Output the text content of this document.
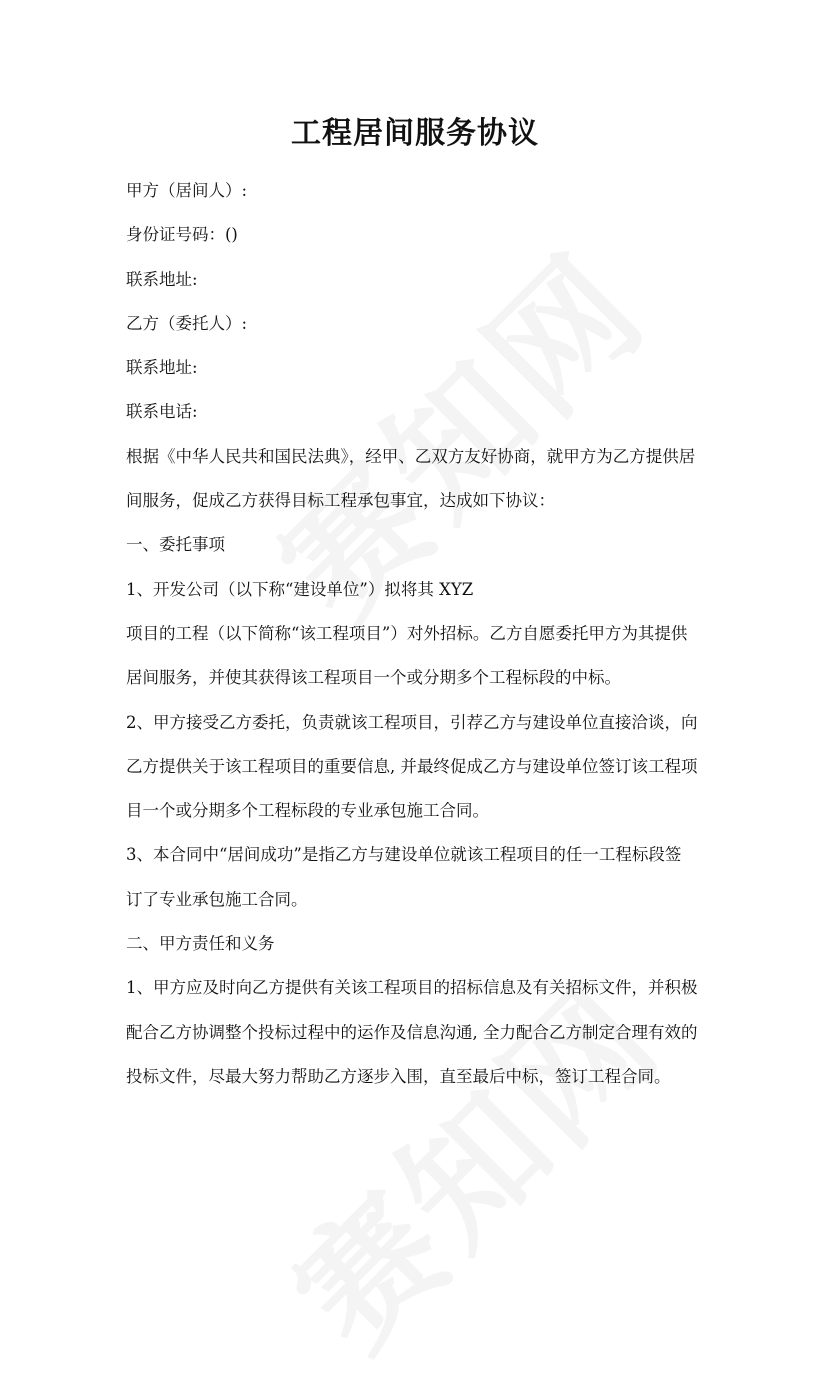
工程居间服务协议

甲方（居间人）:

身份证号码：()

联系地址:

乙方（委托人）:

联系地址:

联系电话:

根据《中华人民共和国民法典》，经甲、乙双方友好协商，就甲方为乙方提供居

间服务，促成乙方获得目标工程承包事宜，达成如下协议：

一、委托事项

1、开发公司（以下称“建设单位”）拟将其 XYZ

项目的工程（以下简称“该工程项目”）对外招标。乙方自愿委托甲方为其提供

居间服务，并使其获得该工程项目一个或分期多个工程标段的中标。

2、甲方接受乙方委托，负责就该工程项目，引荐乙方与建设单位直接洽谈，向

乙方提供关于该工程项目的重要信息, 并最终促成乙方与建设单位签订该工程项

目一个或分期多个工程标段的专业承包施工合同。

3、本合同中“居间成功”是指乙方与建设单位就该工程项目的任一工程标段签

订了专业承包施工合同。

二、甲方责任和义务

1、甲方应及时向乙方提供有关该工程项目的招标信息及有关招标文件，并积极

配合乙方协调整个投标过程中的运作及信息沟通, 全力配合乙方制定合理有效的

投标文件，尽最大努力帮助乙方逐步入围，直至最后中标，签订工程合同。
